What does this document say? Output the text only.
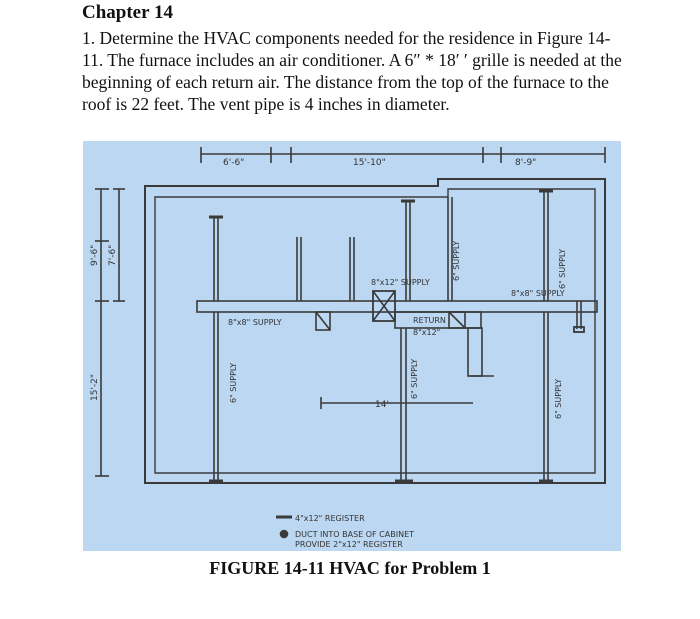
Chapter 14
1. Determine the HVAC components needed for the residence in Figure 14-11. The furnace includes an air conditioner. A 6″ * 18′ ′ grille is needed at the beginning of each return air. The distance from the top of the furnace to the roof is 22 feet. The vent pipe is 4 inches in diameter.
6'-6"	15'-10"	8'-9"
9'-6" 7'-6"
15'-2"
8"x12" SUPPLY
6" SUPPLY
8"x8" SUPPLY
6" SUPPLY
8"x8" SUPPLY	RETURN
8"x12"
6" SUPPLY	6" SUPPLY	6" SUPPLY
14'
4"x12" REGISTER
DUCT INTO BASE OF CABINET
PROVIDE 2"x12" REGISTER
FIGURE 14-11 HVAC for Problem 1
